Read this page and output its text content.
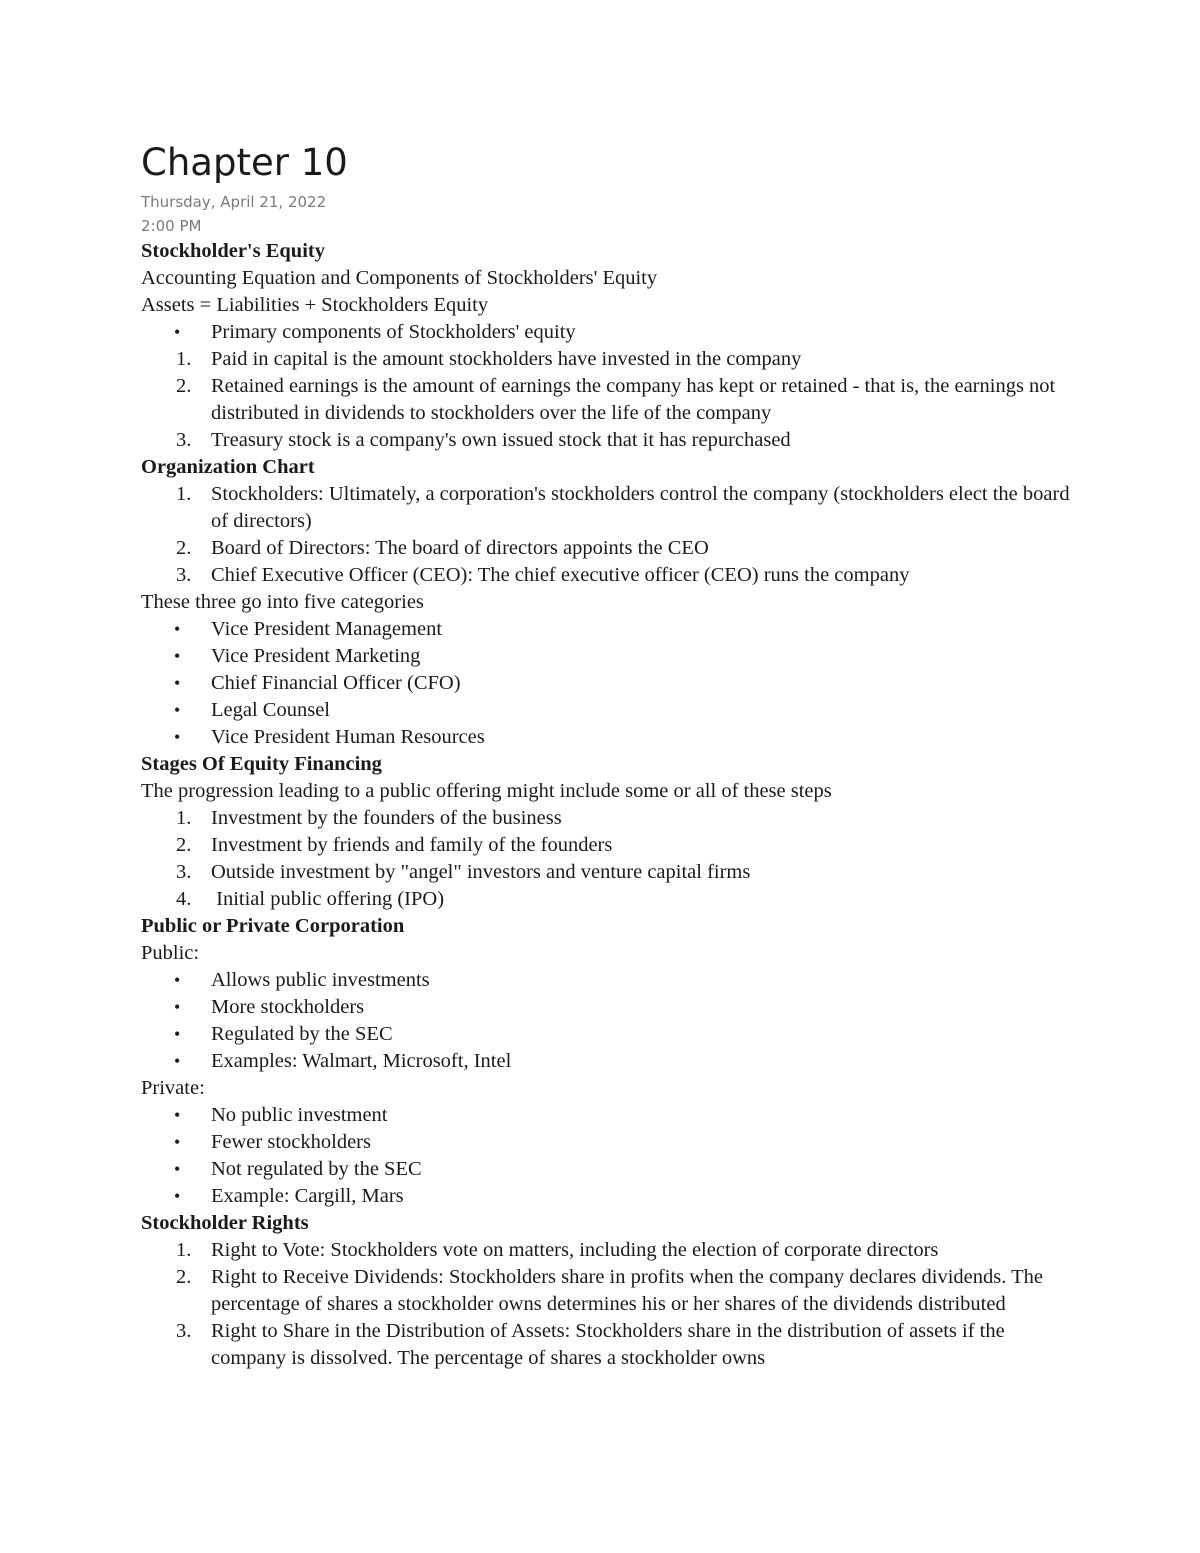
Chapter 10
Thursday, April 21, 2022
2:00 PM
Stockholder's Equity
Accounting Equation and Components of Stockholders' Equity
Assets = Liabilities + Stockholders Equity
• Primary components of Stockholders' equity
1. Paid in capital is the amount stockholders have invested in the company
2. Retained earnings is the amount of earnings the company has kept or retained - that is, the earnings not distributed in dividends to stockholders over the life of the company
3. Treasury stock is a company's own issued stock that it has repurchased
Organization Chart
1. Stockholders: Ultimately, a corporation's stockholders control the company (stockholders elect the board of directors)
2. Board of Directors: The board of directors appoints the CEO
3. Chief Executive Officer (CEO): The chief executive officer (CEO) runs the company
These three go into five categories
• Vice President Management
• Vice President Marketing
• Chief Financial Officer (CFO)
• Legal Counsel
• Vice President Human Resources
Stages Of Equity Financing
The progression leading to a public offering might include some or all of these steps
1. Investment by the founders of the business
2. Investment by friends and family of the founders
3. Outside investment by "angel" investors and venture capital firms
4. Initial public offering (IPO)
Public or Private Corporation
Public:
• Allows public investments
• More stockholders
• Regulated by the SEC
• Examples: Walmart, Microsoft, Intel
Private:
• No public investment
• Fewer stockholders
• Not regulated by the SEC
• Example: Cargill, Mars
Stockholder Rights
1. Right to Vote: Stockholders vote on matters, including the election of corporate directors
2. Right to Receive Dividends: Stockholders share in profits when the company declares dividends. The percentage of shares a stockholder owns determines his or her shares of the dividends distributed
3. Right to Share in the Distribution of Assets: Stockholders share in the distribution of assets if the company is dissolved. The percentage of shares a stockholder owns
